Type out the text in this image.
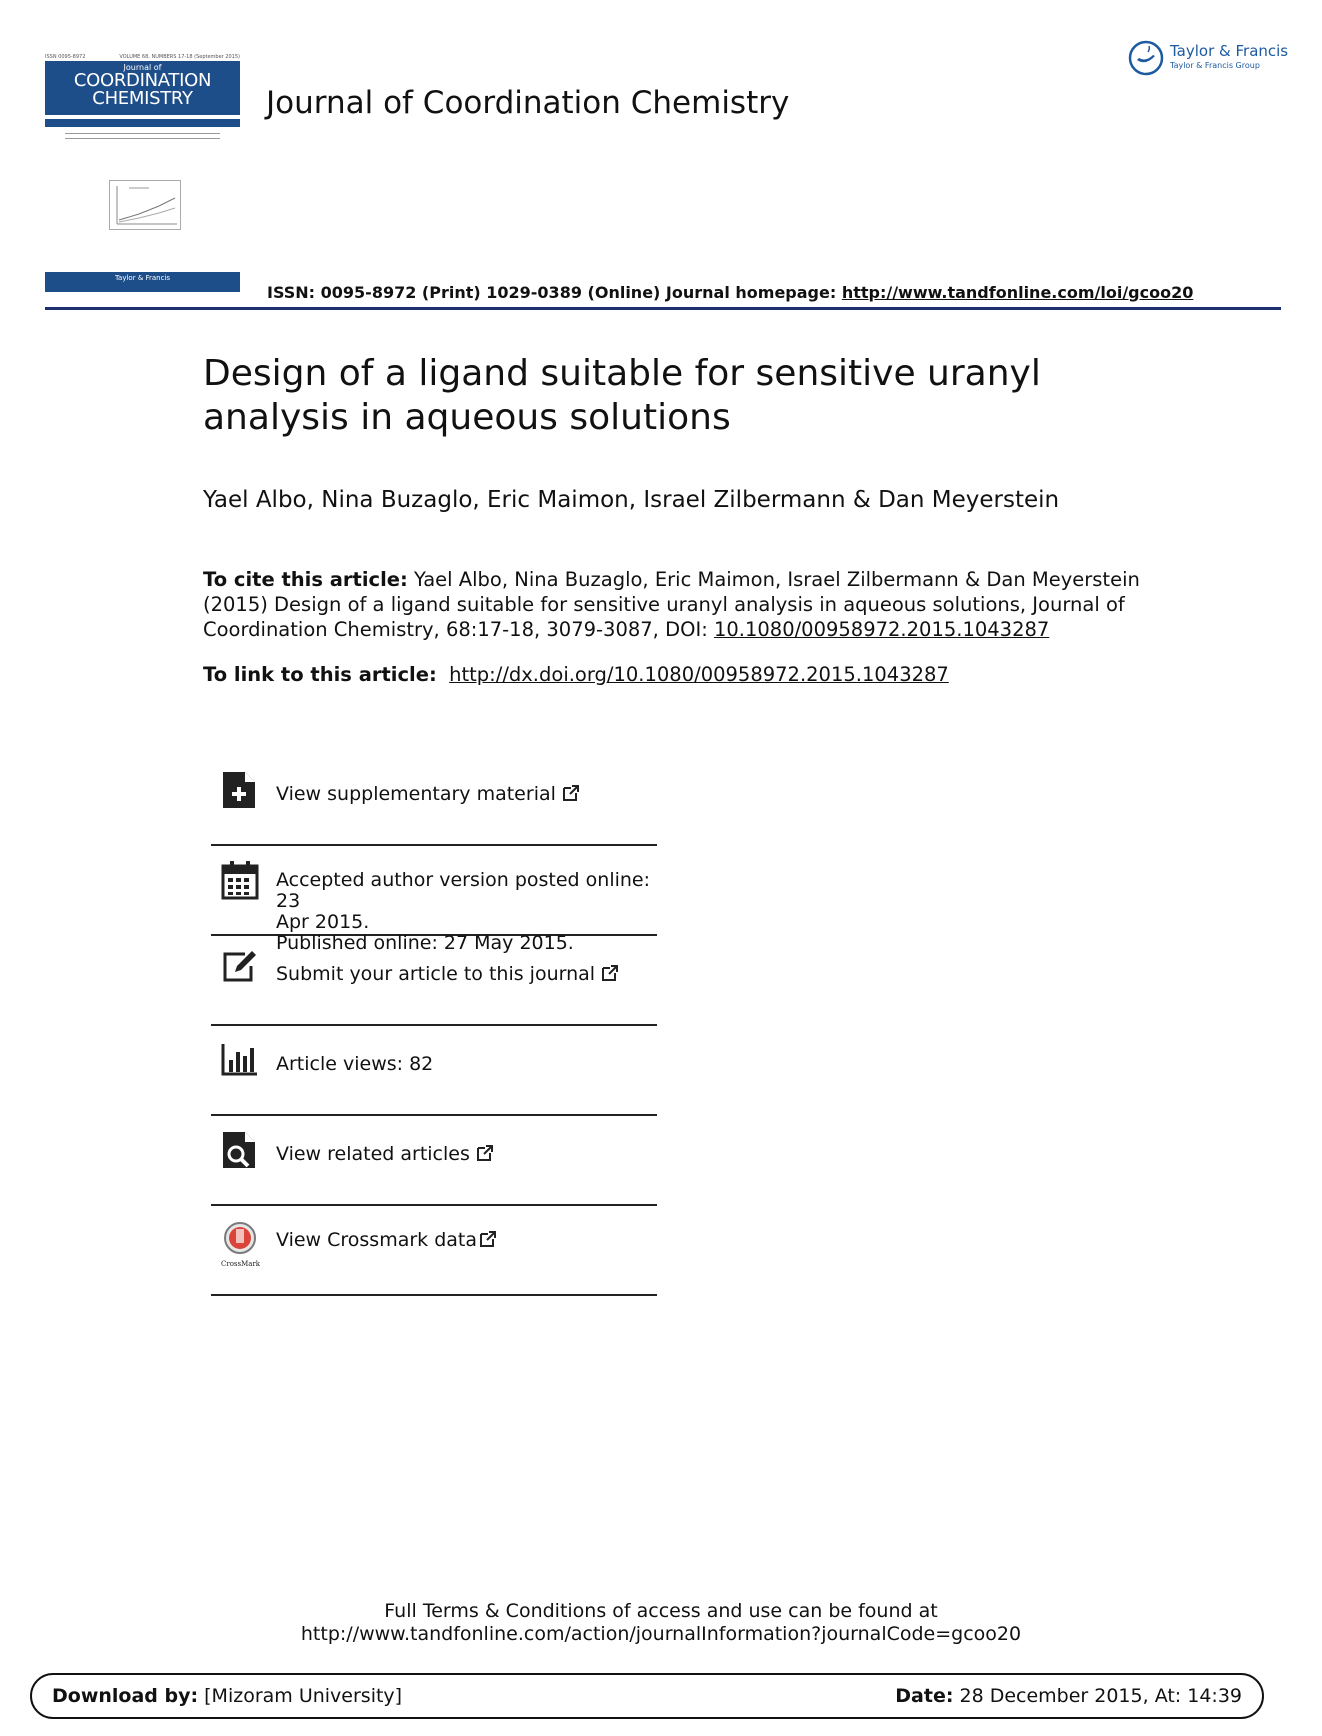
ISSN 0095-8972	VOLUME 68, NUMBERS 17-18 (September 2015)
Journal of
COORDINATION
CHEMISTRY
Taylor & Francis
Journal of Coordination Chemistry
Taylor & Francis
Taylor & Francis Group
ISSN: 0095-8972 (Print) 1029-0389 (Online) Journal homepage: http://www.tandfonline.com/loi/gcoo20
Design of a ligand suitable for sensitive uranyl analysis in aqueous solutions
Yael Albo, Nina Buzaglo, Eric Maimon, Israel Zilbermann & Dan Meyerstein
To cite this article: Yael Albo, Nina Buzaglo, Eric Maimon, Israel Zilbermann & Dan Meyerstein (2015) Design of a ligand suitable for sensitive uranyl analysis in aqueous solutions, Journal of Coordination Chemistry, 68:17-18, 3079-3087, DOI: 10.1080/00958972.2015.1043287
To link to this article: http://dx.doi.org/10.1080/00958972.2015.1043287
View supplementary material
Accepted author version posted online: 23
Apr 2015.
Published online: 27 May 2015.
Submit your article to this journal
Article views: 82
View related articles
CrossMark
View Crossmark data
Full Terms & Conditions of access and use can be found at
http://www.tandfonline.com/action/journalInformation?journalCode=gcoo20
Download by: [Mizoram University]	Date: 28 December 2015, At: 14:39
